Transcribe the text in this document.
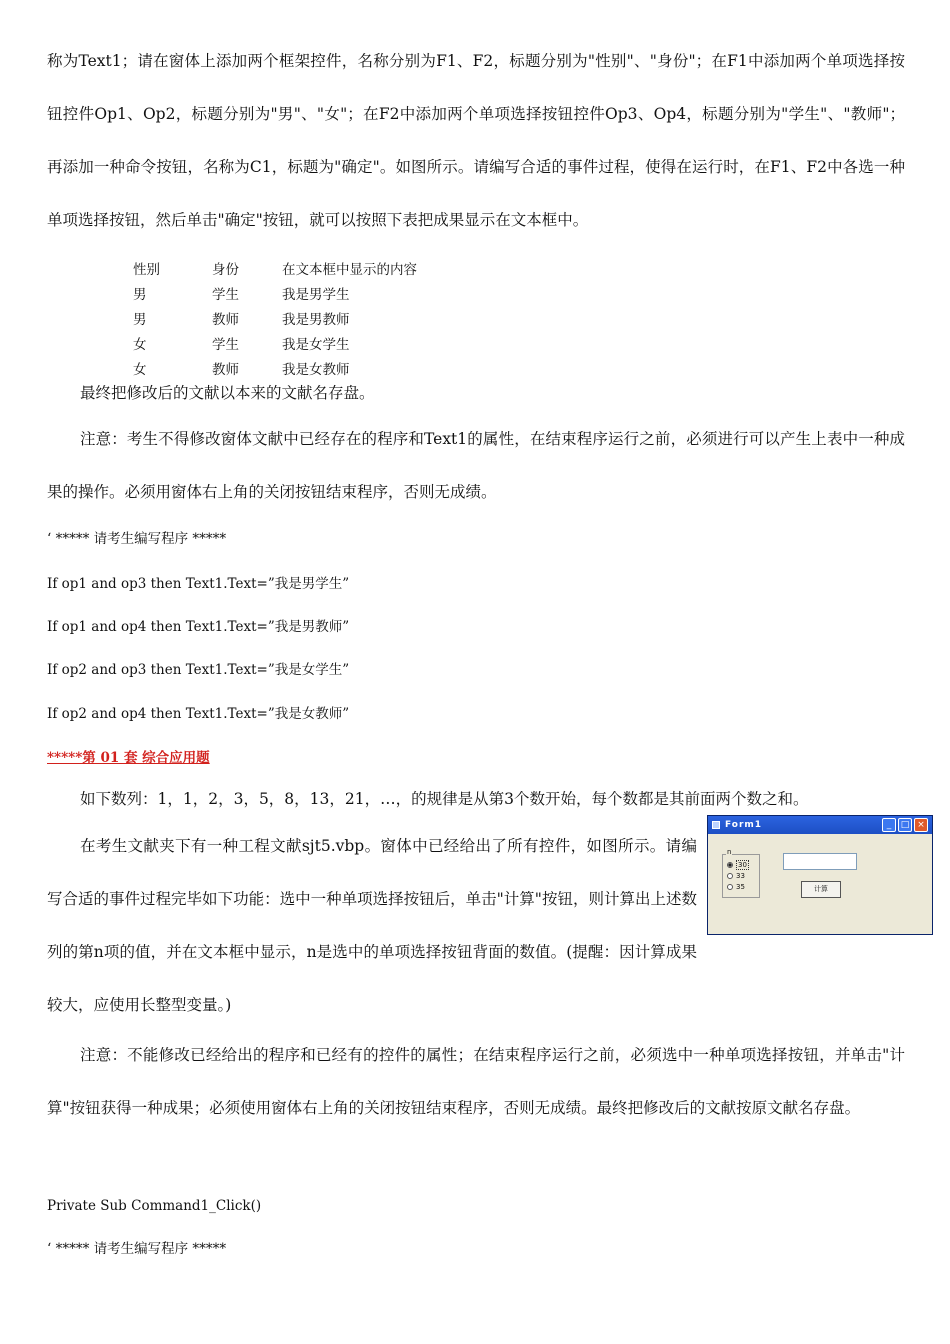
称为Text1；请在窗体上添加两个框架控件，名称分别为F1、F2，标题分别为"性别"、"身份"；在F1中添加两个单项选择按钮控件Op1、Op2，标题分别为"男"、"女"；在F2中添加两个单项选择按钮控件Op3、Op4，标题分别为"学生"、"教师"；再添加一种命令按钮，名称为C1，标题为"确定"。如图所示。请编写合适的事件过程，使得在运行时，在F1、F2中各选一种单项选择按钮，然后单击"确定"按钮，就可以按照下表把成果显示在文本框中。

性别	身份	在文本框中显示的内容
男	学生	我是男学生
男	教师	我是男教师
女	学生	我是女学生
女	教师	我是女教师

最终把修改后的文献以本来的文献名存盘。

注意：考生不得修改窗体文献中已经存在的程序和Text1的属性，在结束程序运行之前，必须进行可以产生上表中一种成果的操作。必须用窗体右上角的关闭按钮结束程序，否则无成绩。

‘ ***** 请考生编写程序 *****
If op1 and op3 then Text1.Text=”我是男学生”
If op1 and op4 then Text1.Text=”我是男教师”
If op2 and op3 then Text1.Text=”我是女学生”
If op2 and op4 then Text1.Text=”我是女教师”
*****第 01 套 综合应用题

如下数列：1，1，2，3，5，8，13，21，…，的规律是从第3个数开始，每个数都是其前面两个数之和。

在考生文献夹下有一种工程文献sjt5.vbp。窗体中已经给出了所有控件，如图所示。请编写合适的事件过程完毕如下功能：选中一种单项选择按钮后，单击"计算"按钮，则计算出上述数列的第n项的值，并在文本框中显示，n是选中的单项选择按钮背面的数值。(提醒：因计算成果较大，应使用长整型变量。)

注意：不能修改已经给出的程序和已经有的控件的属性；在结束程序运行之前，必须选中一种单项选择按钮，并单击"计算"按钮获得一种成果；必须使用窗体右上角的关闭按钮结束程序，否则无成绩。最终把修改后的文献按原文献名存盘。

Private Sub Command1_Click()
‘ ***** 请考生编写程序 *****
Form1	_	□ ×
n
30
33
35	计算
